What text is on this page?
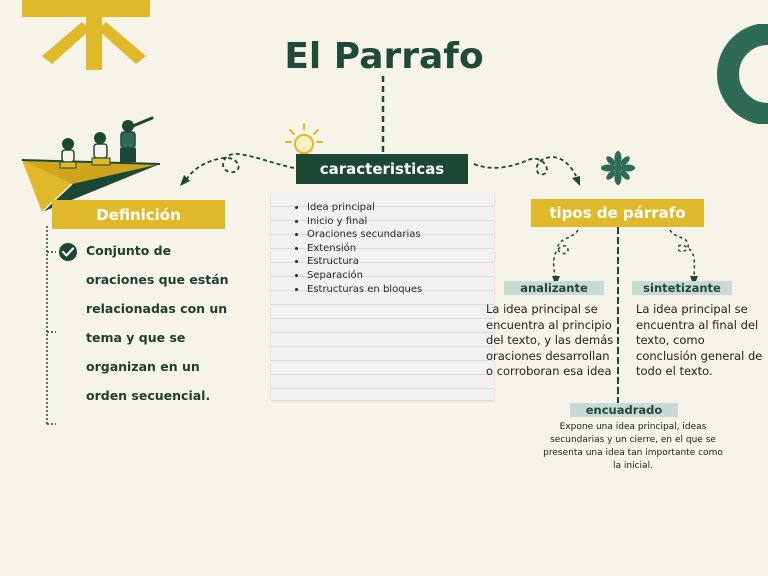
El Parrafo
caracteristicas
Definición
Conjunto de oraciones que están relacionadas con un tema y que se organizan en un orden secuencial.
• Idea principal
• Inicio y final
• Oraciones secundarias
• Extensión
• Estructura
• Separación
• Estructuras en bloques
tipos de párrafo
analizante
La idea principal se encuentra al principio del texto, y las demás oraciones desarrollan o corroboran esa idea
sintetizante
La idea principal se encuentra al final del texto, como conclusión general de todo el texto.
encuadrado
Expone una idea principal, ideas secundarias y un cierre, en el que se presenta una idea tan importante como la inicial.
